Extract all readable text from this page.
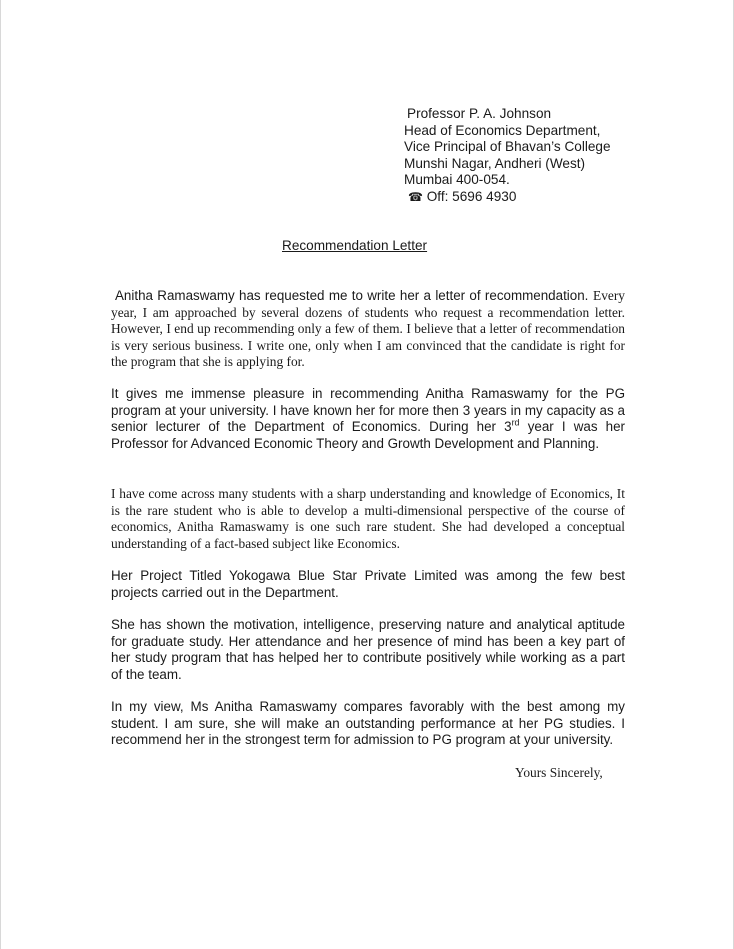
Professor P. A. Johnson
Head of Economics Department,
Vice Principal of Bhavan’s College
Munshi Nagar, Andheri (West)
Mumbai 400-054.
☎ Off: 5696 4930
Recommendation Letter

Anitha Ramaswamy has requested me to write her a letter of recommendation. Every year, I am approached by several dozens of students who request a recommendation letter. However, I end up recommending only a few of them. I believe that a letter of recommendation is very serious business. I write one, only when I am convinced that the candidate is right for the program that she is applying for.

It gives me immense pleasure in recommending Anitha Ramaswamy for the PG program at your university. I have known her for more then 3 years in my capacity as a senior lecturer of the Department of Economics. During her 3rd year I was her Professor for Advanced Economic Theory and Growth Development and Planning.

I have come across many students with a sharp understanding and knowledge of Economics, It is the rare student who is able to develop a multi-dimensional perspective of the course of economics, Anitha Ramaswamy is one such rare student. She had developed a conceptual understanding of a fact-based subject like Economics.

Her Project Titled Yokogawa Blue Star Private Limited was among the few best projects carried out in the Department.

She has shown the motivation, intelligence, preserving nature and analytical aptitude for graduate study. Her attendance and her presence of mind has been a key part of her study program that has helped her to contribute positively while working as a part of the team.

In my view, Ms Anitha Ramaswamy compares favorably with the best among my student. I am sure, she will make an outstanding performance at her PG studies. I recommend her in the strongest term for admission to PG program at your university.

Yours Sincerely,
